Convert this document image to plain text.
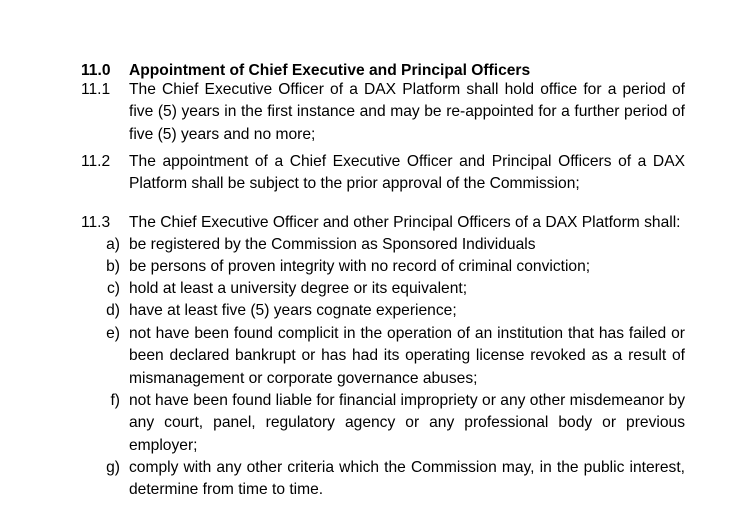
11.0 Appointment of Chief Executive and Principal Officers
11.1 The Chief Executive Officer of a DAX Platform shall hold office for a period of five (5) years in the first instance and may be re-appointed for a further period of five (5) years and no more;
11.2 The appointment of a Chief Executive Officer and Principal Officers of a DAX Platform shall be subject to the prior approval of the Commission;
11.3 The Chief Executive Officer and other Principal Officers of a DAX Platform shall:
a) be registered by the Commission as Sponsored Individuals
b) be persons of proven integrity with no record of criminal conviction;
c) hold at least a university degree or its equivalent;
d) have at least five (5) years cognate experience;
e) not have been found complicit in the operation of an institution that has failed or been declared bankrupt or has had its operating license revoked as a result of mismanagement or corporate governance abuses;
f) not have been found liable for financial impropriety or any other misdemeanor by any court, panel, regulatory agency or any professional body or previous employer;
g) comply with any other criteria which the Commission may, in the public interest, determine from time to time.
